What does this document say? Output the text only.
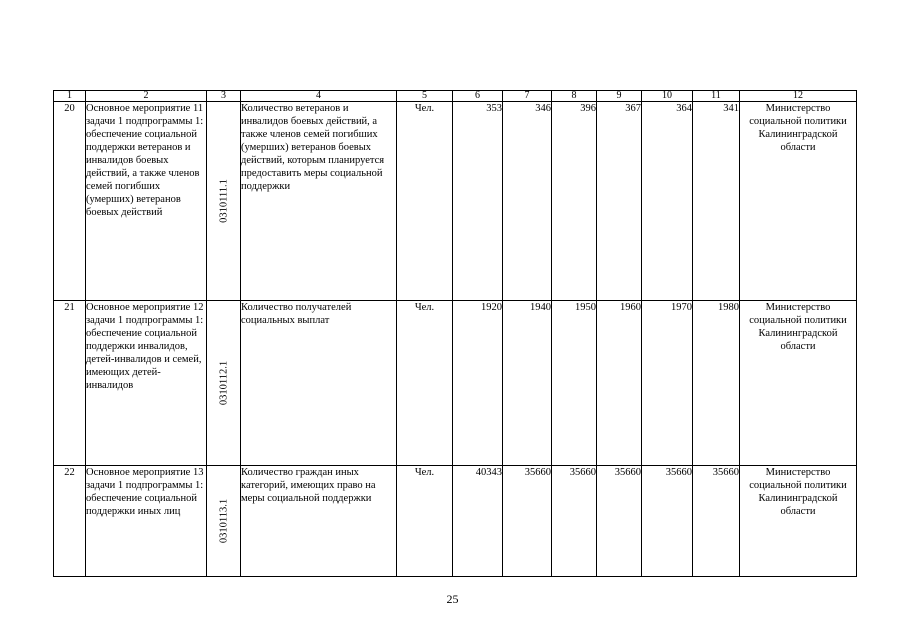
1	2	3	4	5	6	7	8	9	10	11	12
20	Основное мероприятие 11 задачи 1 подпрограммы 1: обеспечение социальной поддержки ветеранов и инвалидов боевых действий, а также членов семей погибших (умерших) ветеранов боевых действий	0310111.1	Количество ветеранов и инвалидов боевых действий, а также членов семей погибших (умерших) ветеранов боевых действий, которым планируется предоставить меры социальной поддержки	Чел.	353	346	396	367	364	341	Министерство социальной политики Калининградской области
21	Основное мероприятие 12 задачи 1 подпрограммы 1: обеспечение социальной поддержки инвалидов, детей-инвалидов и семей, имеющих детей-инвалидов	0310112.1	Количество получателей социальных выплат	Чел.	1920	1940	1950	1960	1970	1980	Министерство социальной политики Калининградской области
22	Основное мероприятие 13 задачи 1 подпрограммы 1: обеспечение социальной поддержки иных лиц	0310113.1	Количество граждан иных категорий, имеющих право на меры социальной поддержки	Чел.	40343	35660	35660	35660	35660	35660	Министерство социальной политики Калининградской области
25
